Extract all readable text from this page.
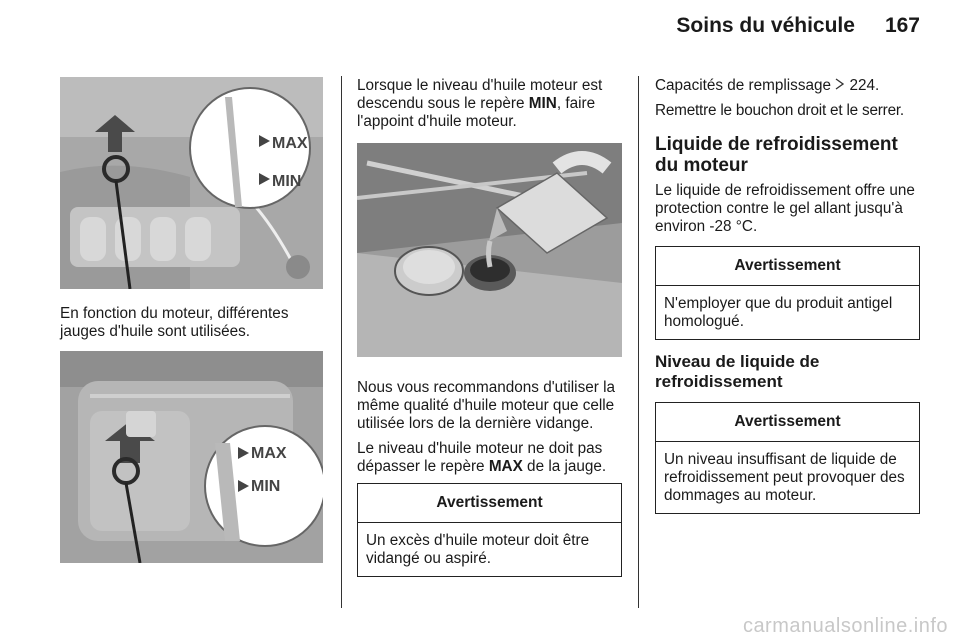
Soins du véhicule 167
MAX
MIN

En fonction du moteur, différentes jauges d'huile sont utilisées.

MAX
MIN

Lorsque le niveau d'huile moteur est descendu sous le repère MIN, faire l'appoint d'huile moteur.

Nous vous recommandons d'utiliser la même qualité d'huile moteur que celle utilisée lors de la dernière vidange.

Le niveau d'huile moteur ne doit pas dépasser le repère MAX de la jauge.

Avertissement
Un excès d'huile moteur doit être vidangé ou aspiré.

Capacités de remplissage  224.

Remettre le bouchon droit et le serrer.

Liquide de refroidissement du moteur

Le liquide de refroidissement offre une protection contre le gel allant jusqu'à environ -28 °C.

Avertissement
N'employer que du produit antigel homologué.
Niveau de liquide de refroidissement
Avertissement
Un niveau insuffisant de liquide de refroidissement peut provoquer des dommages au moteur.
carmanualsonline.info
